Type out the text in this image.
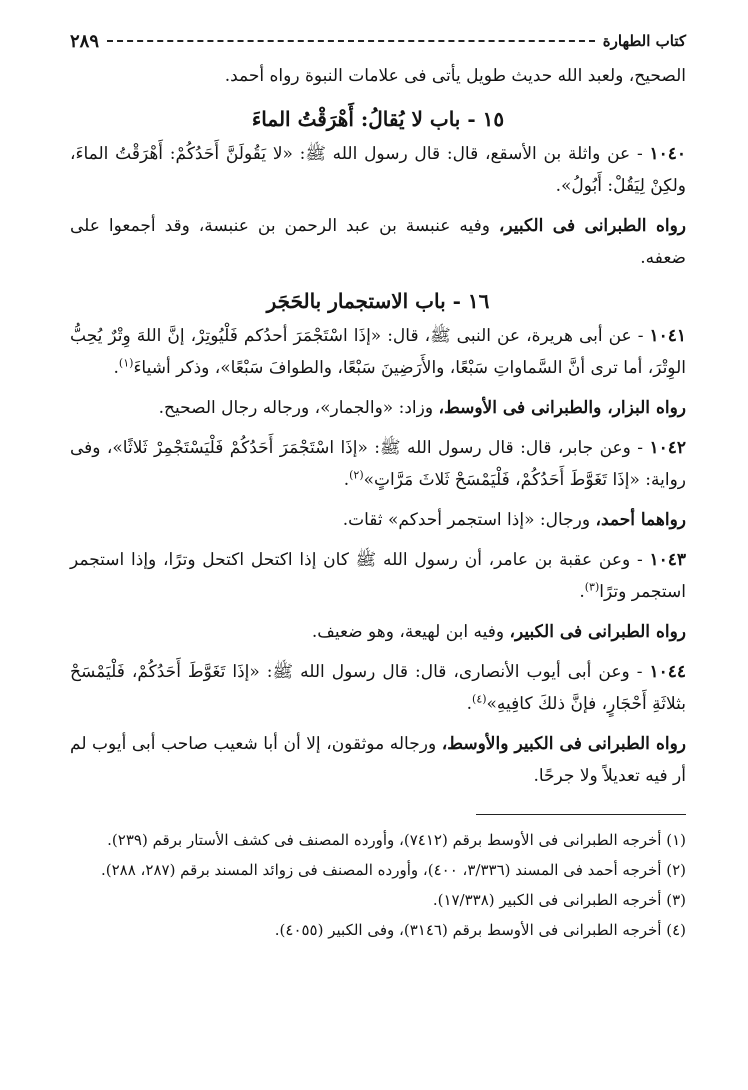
كتاب الطهارة
٢٨٩

الصحيح، ولعبد الله حديث طويل يأتى فى علامات النبوة رواه أحمد.

١٥ - باب لا يُقالُ: أَهْرَقْتُ الماءَ

١٠٤٠ - عن واثلة بن الأسقع، قال: قال رسول الله ﷺ: «لا يَقُولَنَّ أَحَدُكُمْ: أَهْرَقْتُ الماءَ، ولكِنْ لِيَقُلْ: أَبُولُ».

رواه الطبرانى فى الكبير، وفيه عنبسة بن عبد الرحمن بن عنبسة، وقد أجمعوا على ضعفه.

١٦ - باب الاستجمار بالحَجَر

١٠٤١ - عن أبى هريرة، عن النبى ﷺ، قال: «إذَا اسْتَجْمَرَ أحدُكم فَلْيُوتِرْ، إنَّ اللهَ وِتْرٌ يُحِبُّ الوِتْرَ، أما ترى أنَّ السَّماواتِ سَبْعًا، والأَرَضِينَ سَبْعًا، والطوافَ سَبْعًا»، وذكر أشياءَ$^{(١)}$.

رواه البزار، والطبرانى فى الأوسط، وزاد: «والجمار»، ورجاله رجال الصحيح.

١٠٤٢ - وعن جابر، قال: قال رسول الله ﷺ: «إذَا اسْتَجْمَرَ أَحَدُكُمْ فَلْيَسْتَجْمِرْ ثَلاثًا»، وفى رواية: «إذَا تَغَوَّطَ أَحَدُكُمْ، فَلْيَمْسَحْ ثَلاثَ مَرَّاتٍ»$^{(٢)}$.

رواهما أحمد، ورجال: «إذا استجمر أحدكم» ثقات.

١٠٤٣ - وعن عقبة بن عامر، أن رسول الله ﷺ كان إذا اكتحل اكتحل وترًا، وإذا استجمر استجمر وترًا$^{(٣)}$.

رواه الطبرانى فى الكبير، وفيه ابن لهيعة، وهو ضعيف.

١٠٤٤ - وعن أبى أيوب الأنصارى، قال: قال رسول الله ﷺ: «إذَا تَغَوَّطَ أَحَدُكُمْ، فَلْيَمْسَحْ بثلاثَةِ أَحْجَارٍ، فإنَّ ذلكَ كافِيهِ»$^{(٤)}$.

رواه الطبرانى فى الكبير والأوسط، ورجاله موثقون، إلا أن أبا شعيب صاحب أبى أيوب لم أر فيه تعديلاً ولا جرحًا.

(١) أخرجه الطبرانى فى الأوسط برقم (٧٤١٢)، وأورده المصنف فى كشف الأستار برقم (٢٣٩).

(٢) أخرجه أحمد فى المسند (٣/٣٣٦، ٤٠٠)، وأورده المصنف فى زوائد المسند برقم (٢٨٧، ٢٨٨).

(٣) أخرجه الطبرانى فى الكبير (١٧/٣٣٨).

(٤) أخرجه الطبرانى فى الأوسط برقم (٣١٤٦)، وفى الكبير (٤٠٥٥).
